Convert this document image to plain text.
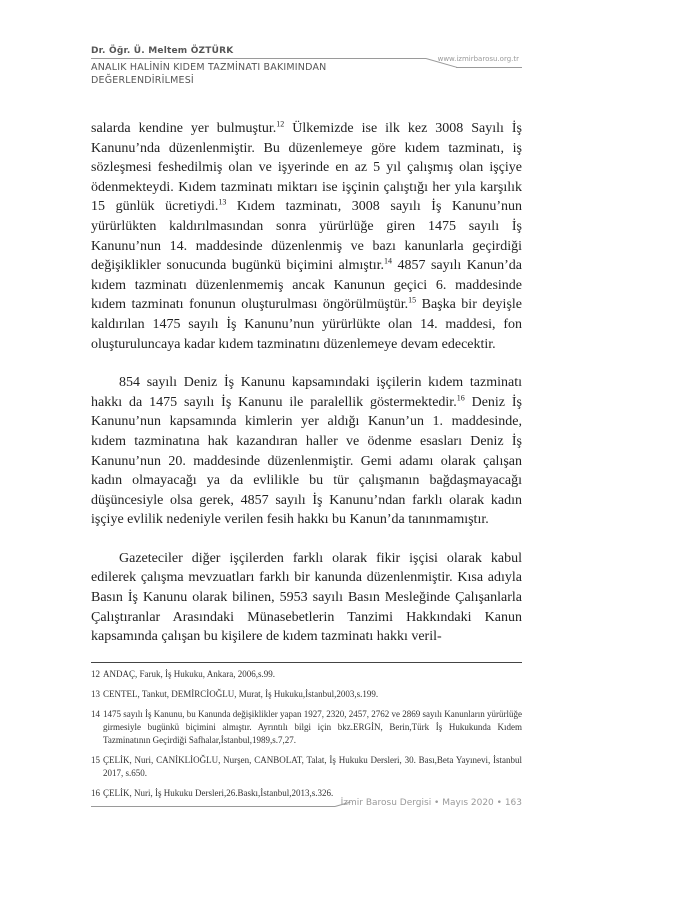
Dr. Öğr. Ü. Meltem ÖZTÜRK
ANALIK HALİNİN KIDEM TAZMİNATI BAKIMINDAN
DEĞERLENDİRİLMESİ
www.izmirbarosu.org.tr

salarda kendine yer bulmuştur.$^{12}$ Ülkemizde ise ilk kez 3008 Sayılı İş Kanunu’nda düzenlenmiştir. Bu düzenlemeye göre kıdem tazminatı, iş sözleşmesi feshedilmiş olan ve işyerinde en az 5 yıl çalışmış olan işçiye ödenmekteydi. Kıdem tazminatı miktarı ise işçinin çalıştığı her yıla karşılık 15 günlük ücretiydi.$^{13}$ Kıdem tazminatı, 3008 sayılı İş Kanunu’nun yürürlükten kaldırılmasından sonra yürürlüğe giren 1475 sayılı İş Kanunu’nun 14. maddesinde düzenlenmiş ve bazı kanunlarla geçirdiği değişiklikler sonucunda bugünkü biçimini almıştır.$^{14}$ 4857 sayılı Kanun’da kıdem tazminatı düzenlenmemiş ancak Kanunun geçici 6. maddesinde kıdem tazminatı fonunun oluşturulması öngörülmüştür.$^{15}$ Başka bir deyişle kaldırılan 1475 sayılı İş Kanunu’nun yürürlükte olan 14. maddesi, fon oluşturuluncaya kadar kıdem tazminatını düzenlemeye devam edecektir.

854 sayılı Deniz İş Kanunu kapsamındaki işçilerin kıdem tazminatı hakkı da 1475 sayılı İş Kanunu ile paralellik göstermektedir.$^{16}$ Deniz İş Kanunu’nun kapsamında kimlerin yer aldığı Kanun’un 1. maddesinde, kıdem tazminatına hak kazandıran haller ve ödenme esasları Deniz İş Kanunu’nun 20. maddesinde düzenlenmiştir. Gemi adamı olarak çalışan kadın olmayacağı ya da evlilikle bu tür çalışmanın bağdaşmayacağı düşüncesiyle olsa gerek, 4857 sayılı İş Kanunu’ndan farklı olarak kadın işçiye evlilik nedeniyle verilen fesih hakkı bu Kanun’da tanınmamıştır.

Gazeteciler diğer işçilerden farklı olarak fikir işçisi olarak kabul edilerek çalışma mevzuatları farklı bir kanunda düzenlenmiştir. Kısa adıyla Basın İş Kanunu olarak bilinen, 5953 sayılı Basın Mesleğinde Çalışanlarla Çalıştıranlar Arasındaki Münasebetlerin Tanzimi Hakkındaki Kanun kapsamında çalışan bu kişilere de kıdem tazminatı hakkı veril-

12 ANDAÇ, Faruk, İş Hukuku, Ankara, 2006,s.99.
13 CENTEL, Tankut, DEMİRCİOĞLU, Murat, İş Hukuku,İstanbul,2003,s.199.
14 1475 sayılı İş Kanunu, bu Kanunda değişiklikler yapan 1927, 2320, 2457, 2762 ve 2869 sayılı Kanunların yürürlüğe girmesiyle bugünkü biçimini almıştır. Ayrıntılı bilgi için bkz.ERGİN, Berin,Türk İş Hukukunda Kıdem Tazminatının Geçirdiği Safhalar,İstanbul,1989,s.7,27.
15 ÇELİK, Nuri, CANİKLİOĞLU, Nurşen, CANBOLAT, Talat, İş Hukuku Dersleri, 30. Bası,Beta Yayınevi, İstanbul 2017, s.650.
16 ÇELİK, Nuri, İş Hukuku Dersleri,26.Baskı,İstanbul,2013,s.326.
İzmir Barosu Dergisi • Mayıs 2020 • 163
